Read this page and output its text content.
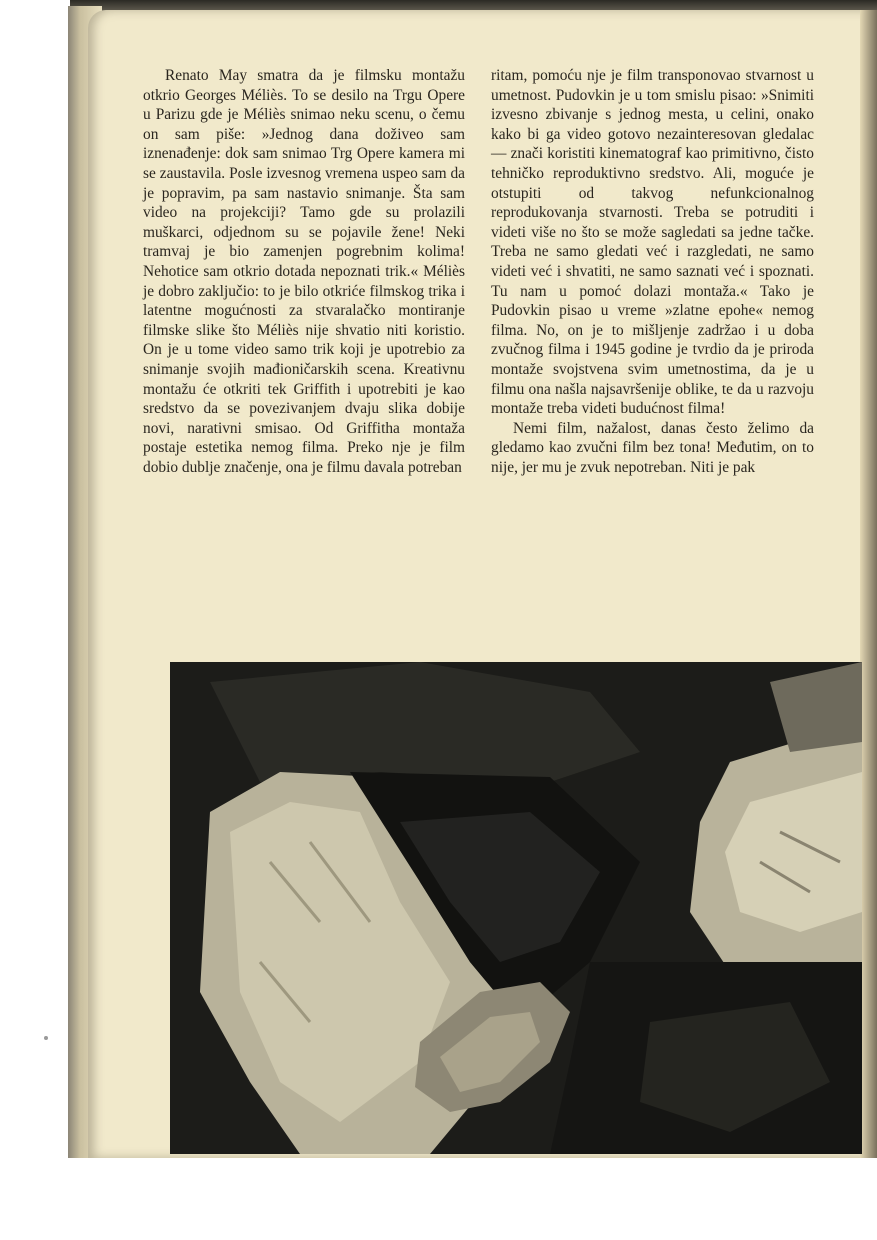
Renato May smatra da je filmsku montažu otkrio Georges Méliès. To se desilo na Trgu Opere u Parizu gde je Méliès snimao neku scenu, o čemu on sam piše: »Jednog dana doživeo sam iznenađenje: dok sam snimao Trg Opere kamera mi se zaustavila. Posle izvesnog vremena uspeo sam da je popravim, pa sam nastavio snimanje. Šta sam video na projekciji? Tamo gde su prolazili muškarci, odjednom su se pojavile žene! Neki tramvaj je bio zamenjen pogrebnim kolima! Nehotice sam otkrio dotada nepoznati trik.« Méliès je dobro zaključio: to je bilo otkriće filmskog trika i latentne mogućnosti za stvaralačko montiranje filmske slike što Méliès nije shvatio niti koristio. On je u tome video samo trik koji je upotrebio za snimanje svojih mađioničarskih scena. Kreativnu montažu će otkriti tek Griffith i upotrebiti je kao sredstvo da se povezivanjem dvaju slika dobije novi, narativni smisao. Od Griffitha montaža postaje estetika nemog filma. Preko nje je film dobio dublje značenje, ona je filmu davala potreban

ritam, pomoću nje je film transponovao stvarnost u umetnost. Pudovkin je u tom smislu pisao: »Snimiti izvesno zbivanje s jednog mesta, u celini, onako kako bi ga video gotovo nezainteresovan gledalac — znači koristiti kinematograf kao primitivno, čisto tehničko reproduktivno sredstvo. Ali, moguće je otstupiti od takvog nefunkcionalnog reprodukovanja stvarnosti. Treba se potruditi i videti više no što se može sagledati sa jedne tačke. Treba ne samo gledati već i razgledati, ne samo videti već i shvatiti, ne samo saznati već i spoznati. Tu nam u pomoć dolazi montaža.« Tako je Pudovkin pisao u vreme »zlatne epohe« nemog filma. No, on je to mišljenje zadržao i u doba zvučnog filma i 1945 godine je tvrdio da je priroda montaže svojstvena svim umetnostima, da je u filmu ona našla najsavršenije oblike, te da u razvoju montaže treba videti budućnost filma!

Nemi film, nažalost, danas često želimo da gledamo kao zvučni film bez tona! Međutim, on to nije, jer mu je zvuk nepotreban. Niti je pak
